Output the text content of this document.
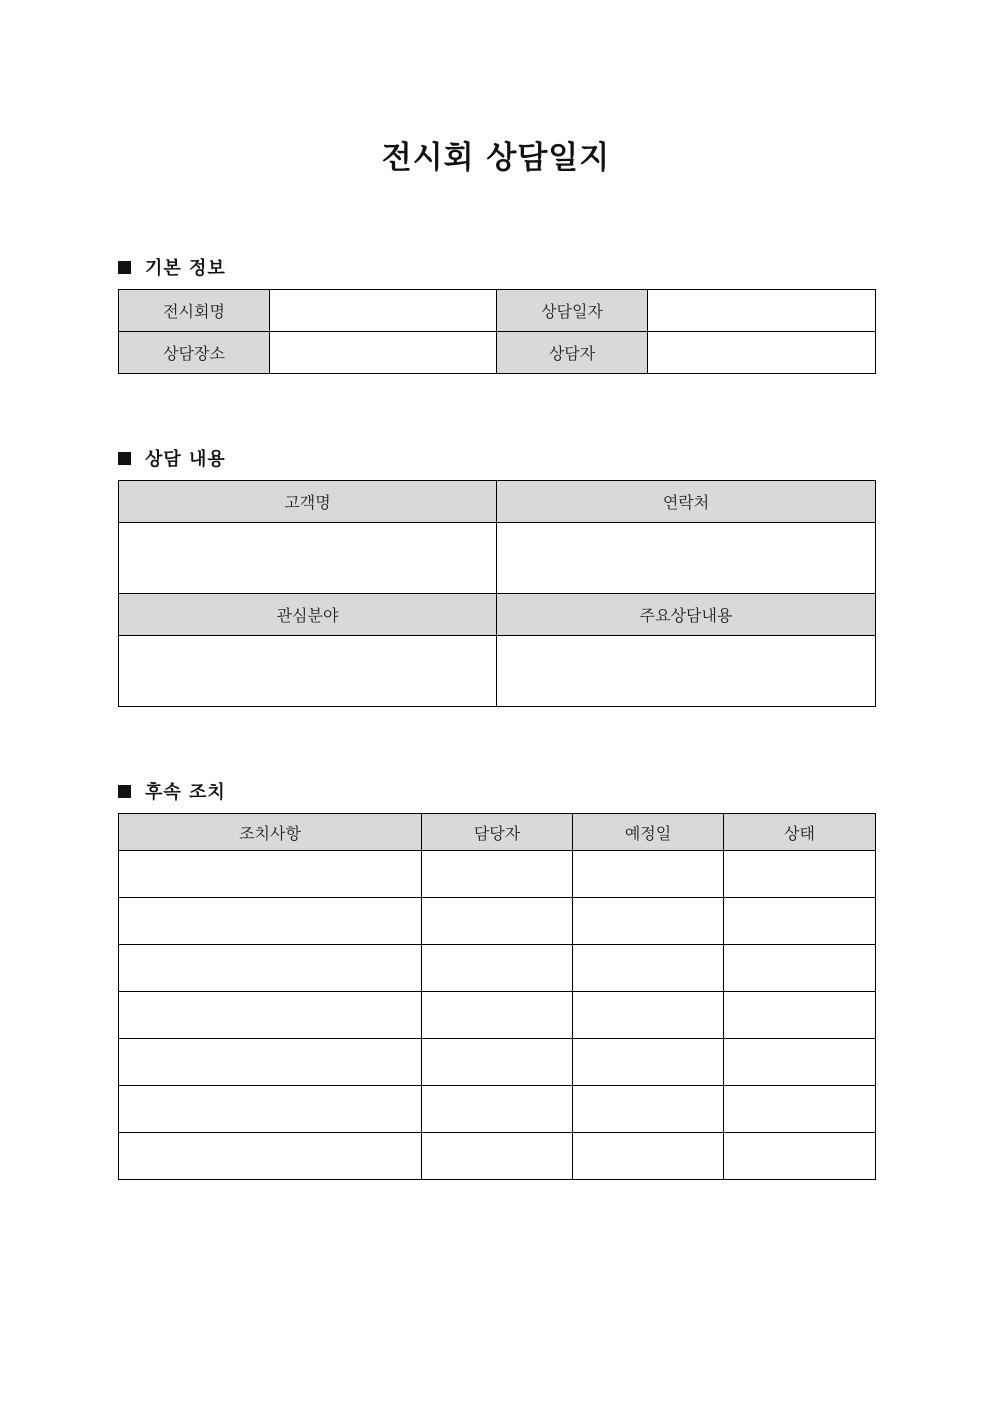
전시회 상담일지
기본 정보
전시회명		상담일자	
상담장소		상담자	
상담 내용
고객명	연락처

관심분야	주요상담내용

후속 조치
조치사항	담당자	예정일	상태
